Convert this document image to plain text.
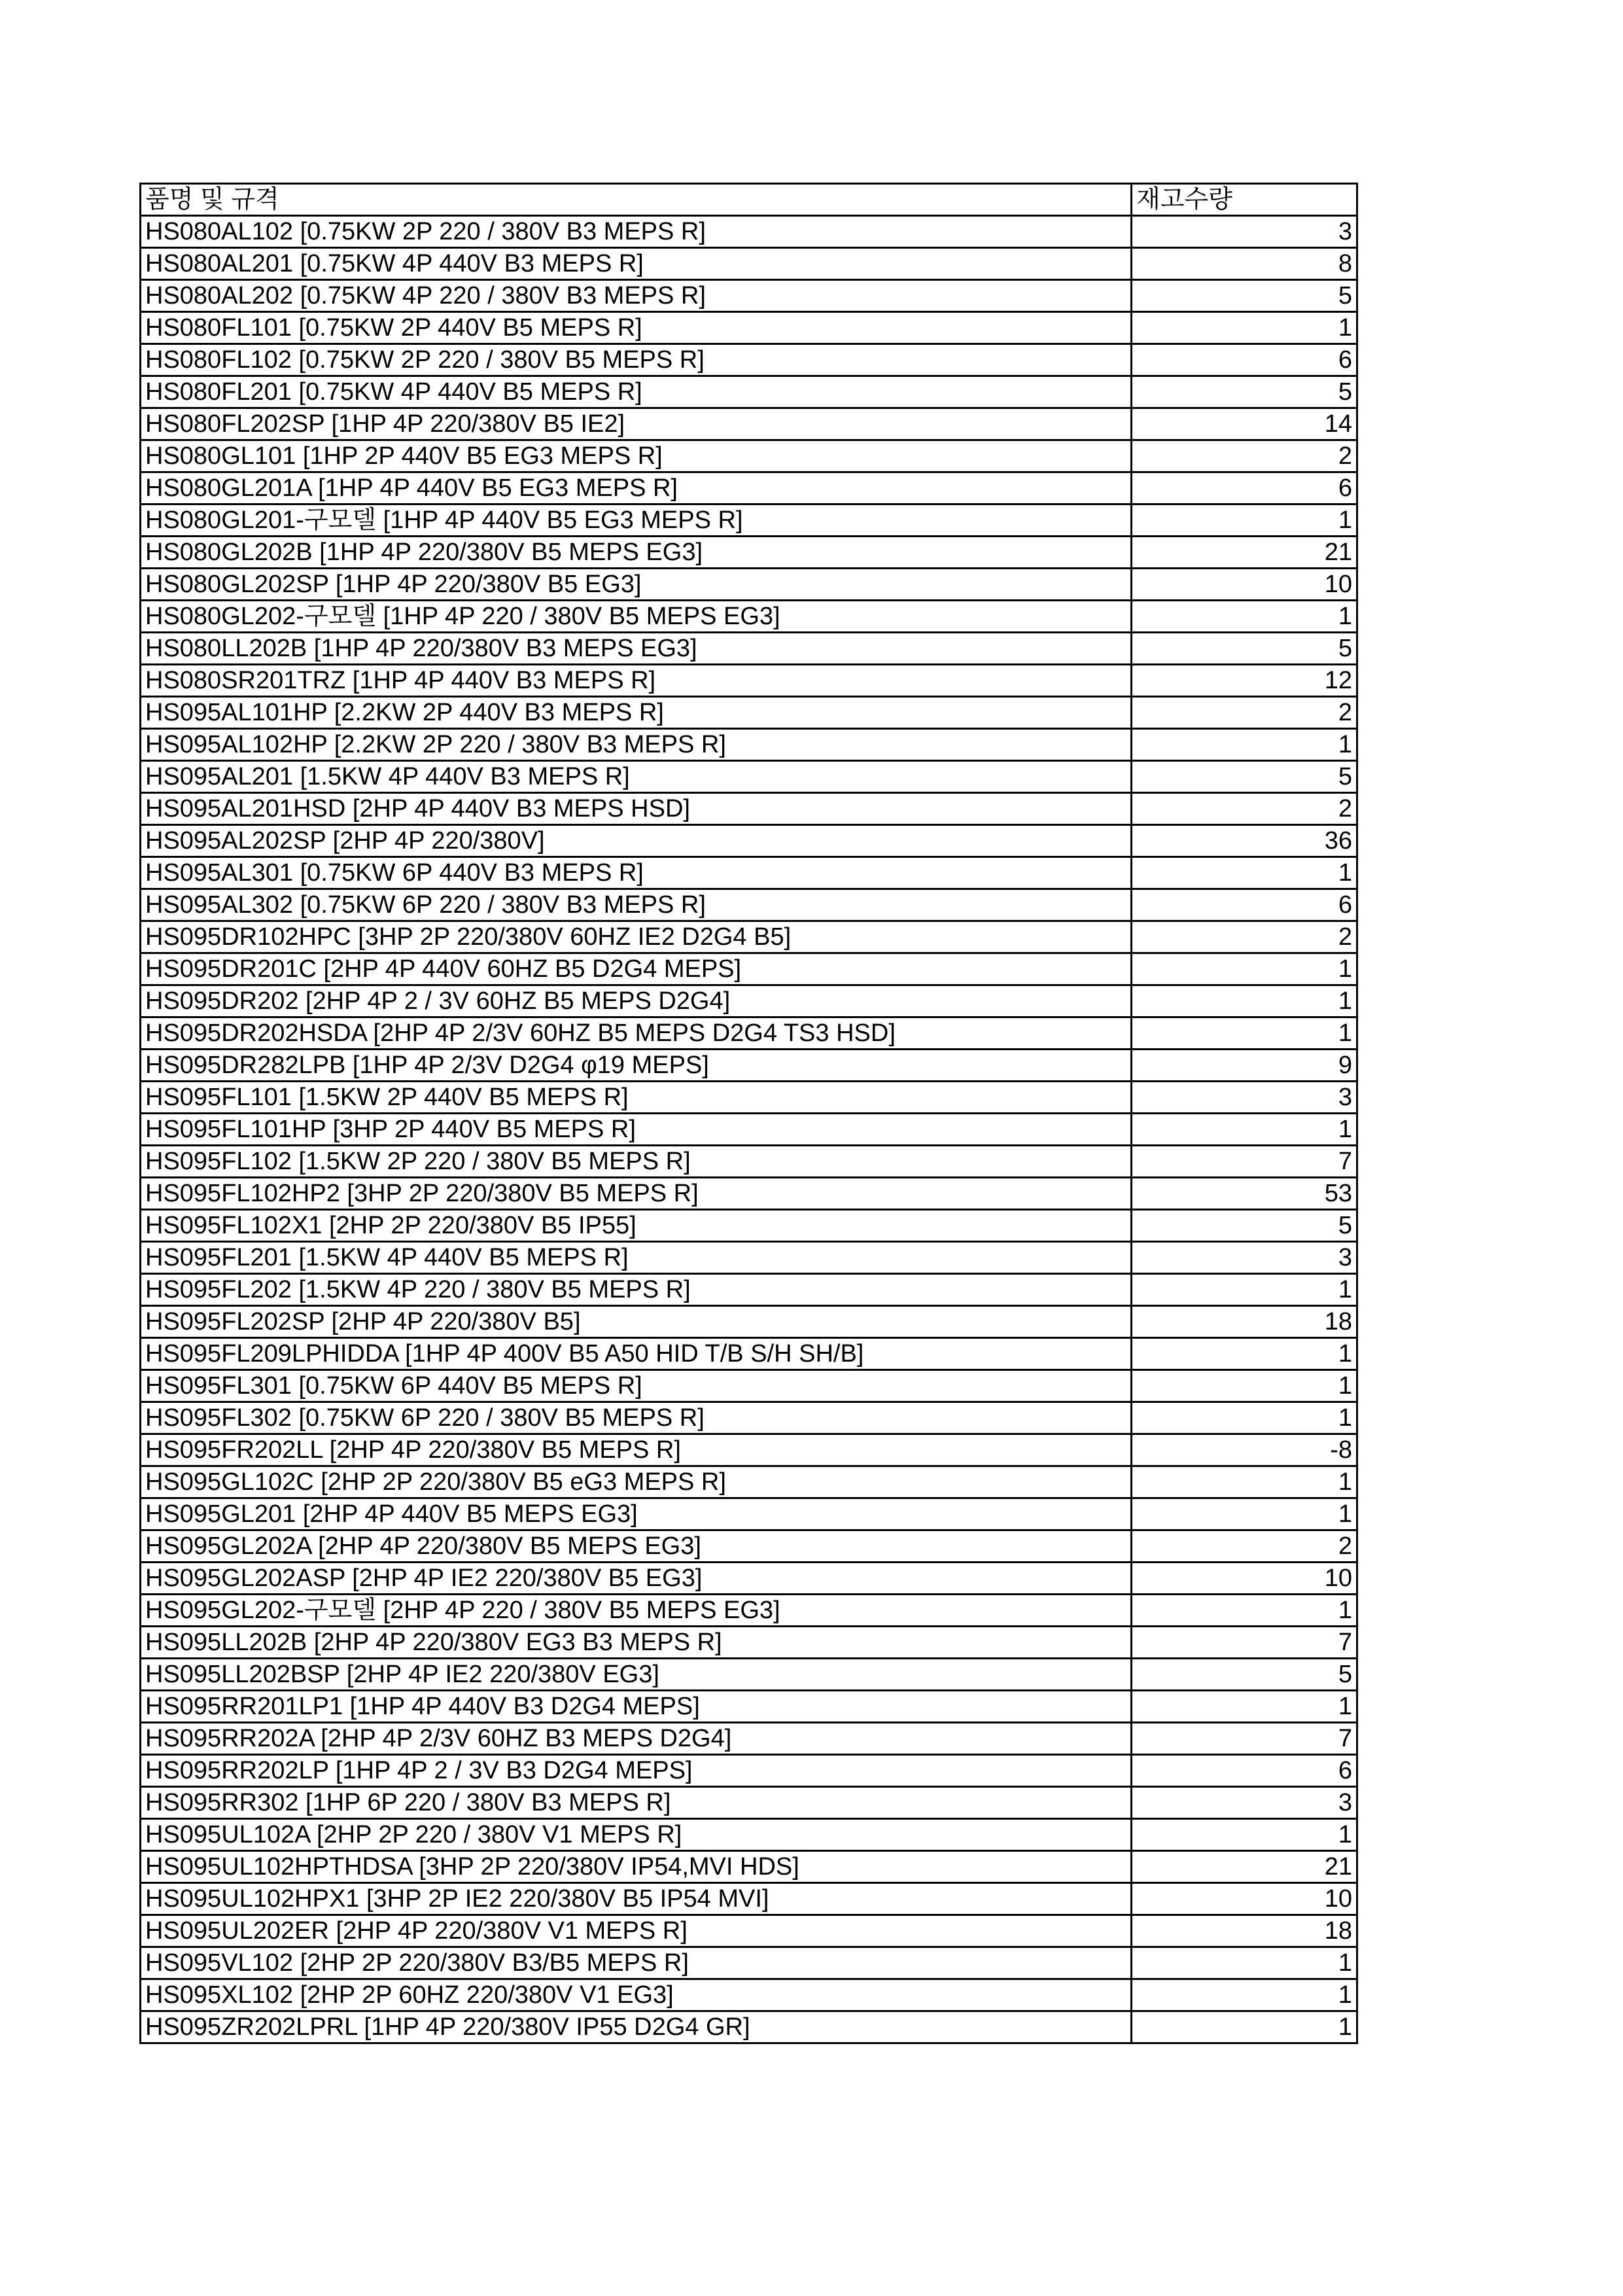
품명 및 규격	재고수량
HS080AL102 [0.75KW 2P 220 / 380V B3 MEPS R]	3
HS080AL201 [0.75KW 4P 440V B3 MEPS R]	8
HS080AL202 [0.75KW 4P 220 / 380V B3 MEPS R]	5
HS080FL101 [0.75KW 2P 440V B5 MEPS R]	1
HS080FL102 [0.75KW 2P 220 / 380V B5 MEPS R]	6
HS080FL201 [0.75KW 4P 440V B5 MEPS R]	5
HS080FL202SP [1HP 4P 220/380V B5 IE2]	14
HS080GL101 [1HP 2P 440V B5 EG3 MEPS R]	2
HS080GL201A [1HP 4P 440V B5 EG3 MEPS R]	6
HS080GL201-구모델 [1HP 4P 440V B5 EG3 MEPS R]	1
HS080GL202B [1HP 4P 220/380V B5 MEPS EG3]	21
HS080GL202SP [1HP 4P 220/380V B5 EG3]	10
HS080GL202-구모델 [1HP 4P 220 / 380V B5 MEPS EG3]	1
HS080LL202B [1HP 4P 220/380V B3 MEPS EG3]	5
HS080SR201TRZ [1HP 4P 440V B3 MEPS R]	12
HS095AL101HP [2.2KW 2P 440V B3 MEPS R]	2
HS095AL102HP [2.2KW 2P 220 / 380V B3 MEPS R]	1
HS095AL201 [1.5KW 4P 440V B3 MEPS R]	5
HS095AL201HSD [2HP 4P 440V B3 MEPS HSD]	2
HS095AL202SP [2HP 4P 220/380V]	36
HS095AL301 [0.75KW 6P 440V B3 MEPS R]	1
HS095AL302 [0.75KW 6P 220 / 380V B3 MEPS R]	6
HS095DR102HPC [3HP 2P 220/380V 60HZ IE2 D2G4 B5]	2
HS095DR201C [2HP 4P 440V 60HZ B5 D2G4 MEPS]	1
HS095DR202 [2HP 4P 2 / 3V 60HZ B5 MEPS D2G4]	1
HS095DR202HSDA [2HP 4P 2/3V 60HZ B5 MEPS D2G4 TS3 HSD]	1
HS095DR282LPB [1HP 4P 2/3V D2G4 φ19 MEPS]	9
HS095FL101 [1.5KW 2P 440V B5 MEPS R]	3
HS095FL101HP [3HP 2P 440V B5 MEPS R]	1
HS095FL102 [1.5KW 2P 220 / 380V B5 MEPS R]	7
HS095FL102HP2 [3HP 2P 220/380V B5 MEPS R]	53
HS095FL102X1 [2HP 2P 220/380V B5 IP55]	5
HS095FL201 [1.5KW 4P 440V B5 MEPS R]	3
HS095FL202 [1.5KW 4P 220 / 380V B5 MEPS R]	1
HS095FL202SP [2HP 4P 220/380V B5]	18
HS095FL209LPHIDDA [1HP 4P 400V B5 A50 HID T/B S/H SH/B]	1
HS095FL301 [0.75KW 6P 440V B5 MEPS R]	1
HS095FL302 [0.75KW 6P 220 / 380V B5 MEPS R]	1
HS095FR202LL [2HP 4P 220/380V B5 MEPS R]	-8
HS095GL102C [2HP 2P 220/380V B5 eG3 MEPS R]	1
HS095GL201 [2HP 4P 440V B5 MEPS EG3]	1
HS095GL202A [2HP 4P 220/380V B5 MEPS EG3]	2
HS095GL202ASP [2HP 4P IE2 220/380V B5 EG3]	10
HS095GL202-구모델 [2HP 4P 220 / 380V B5 MEPS EG3]	1
HS095LL202B [2HP 4P 220/380V EG3 B3 MEPS R]	7
HS095LL202BSP [2HP 4P IE2 220/380V EG3]	5
HS095RR201LP1 [1HP 4P 440V B3 D2G4 MEPS]	1
HS095RR202A [2HP 4P 2/3V 60HZ B3 MEPS D2G4]	7
HS095RR202LP [1HP 4P 2 / 3V B3 D2G4 MEPS]	6
HS095RR302 [1HP 6P 220 / 380V B3 MEPS R]	3
HS095UL102A [2HP 2P 220 / 380V V1 MEPS R]	1
HS095UL102HPTHDSA [3HP 2P 220/380V IP54,MVI HDS]	21
HS095UL102HPX1 [3HP 2P IE2 220/380V B5 IP54 MVI]	10
HS095UL202ER [2HP 4P 220/380V V1 MEPS R]	18
HS095VL102 [2HP 2P 220/380V B3/B5 MEPS R]	1
HS095XL102 [2HP 2P 60HZ 220/380V V1 EG3]	1
HS095ZR202LPRL [1HP 4P 220/380V IP55 D2G4 GR]	1
